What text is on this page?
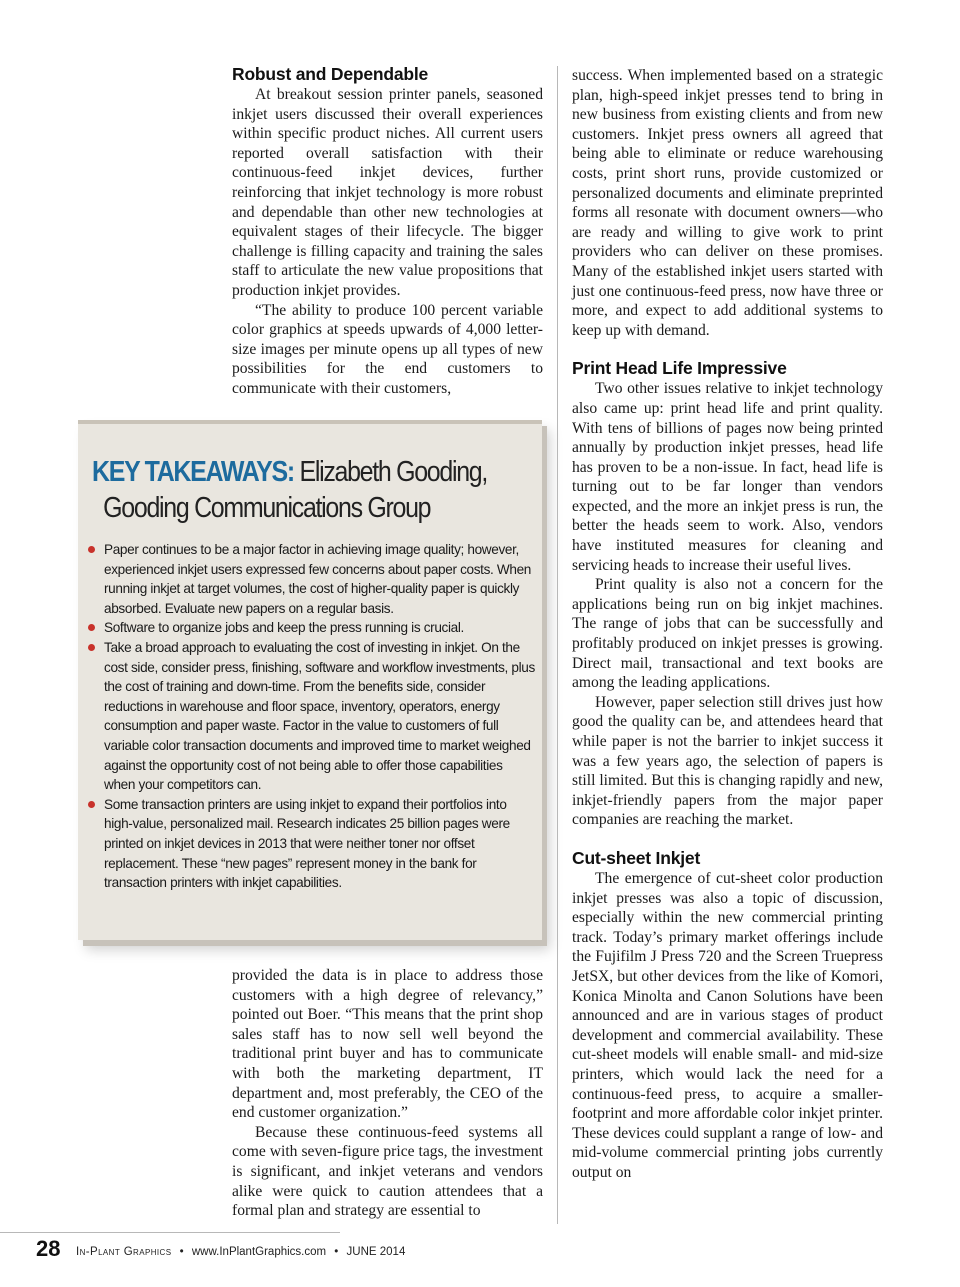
Robust and Dependable

At breakout session printer panels, seasoned inkjet users discussed their overall experiences within specific product niches. All current users reported overall satisfaction with their continuous-feed inkjet devices, further reinforcing that inkjet technology is more robust and dependable than other new technologies at equivalent stages of their lifecycle. The bigger challenge is filling capacity and training the sales staff to articulate the new value propositions that production inkjet provides.

“The ability to produce 100 percent variable color graphics at speeds upwards of 4,000 letter-size images per minute opens up all types of new possibilities for the end customers to communicate with their customers,

KEY TAKEAWAYS: Elizabeth Gooding,
Gooding Communications Group
Paper continues to be a major factor in achieving image quality; however, experienced inkjet users expressed few concerns about paper costs. When running inkjet at target volumes, the cost of higher-quality paper is quickly absorbed. Evaluate new papers on a regular basis.
Software to organize jobs and keep the press running is crucial.
Take a broad approach to evaluating the cost of investing in inkjet. On the cost side, consider press, finishing, software and workflow investments, plus the cost of training and down-time. From the benefits side, consider reductions in warehouse and floor space, inventory, operators, energy consumption and paper waste. Factor in the value to customers of full variable color transaction documents and improved time to market weighed against the opportunity cost of not being able to offer those capabilities when your competitors can.
Some transaction printers are using inkjet to expand their portfolios into high-value, personalized mail. Research indicates 25 billion pages were printed on inkjet devices in 2013 that were neither toner nor offset replacement. These “new pages” represent money in the bank for transaction printers with inkjet capabilities.

provided the data is in place to address those customers with a high degree of relevancy,” pointed out Boer. “This means that the print shop sales staff has to now sell well beyond the traditional print buyer and has to communicate with both the marketing department, IT department and, most preferably, the CEO of the end customer organization.”

Because these continuous-feed systems all come with seven-figure price tags, the investment is significant, and inkjet veterans and vendors alike were quick to caution attendees that a formal plan and strategy are essential to

success. When implemented based on a strategic plan, high-speed inkjet presses tend to bring in new business from existing clients and from new customers. Inkjet press owners all agreed that being able to eliminate or reduce warehousing costs, print short runs, provide customized or personalized documents and eliminate preprinted forms all resonate with document owners—who are ready and willing to give work to print providers who can deliver on these promises. Many of the established inkjet users started with just one continuous-feed press, now have three or more, and expect to add additional systems to keep up with demand.

Print Head Life Impressive

Two other issues relative to inkjet technology also came up: print head life and print quality. With tens of billions of pages now being printed annually by production inkjet presses, head life has proven to be a non-issue. In fact, head life is turning out to be far longer than vendors expected, and the more an inkjet press is run, the better the heads seem to work. Also, vendors have instituted measures for cleaning and servicing heads to increase their useful lives.

Print quality is also not a concern for the applications being run on big inkjet machines. The range of jobs that can be successfully and profitably produced on inkjet presses is growing. Direct mail, transactional and text books are among the leading applications.

However, paper selection still drives just how good the quality can be, and attendees heard that while paper is not the barrier to inkjet success it was a few years ago, the selection of papers is still limited. But this is changing rapidly and new, inkjet-friendly papers from the major paper companies are reaching the market.

Cut-sheet Inkjet

The emergence of cut-sheet color production inkjet presses was also a topic of discussion, especially within the new commercial printing track. Today’s primary market offerings include the Fujifilm J Press 720 and the Screen Truepress JetSX, but other devices from the like of Komori, Konica Minolta and Canon Solutions have been announced and are in various stages of product development and commercial availability. These cut-sheet models will enable small- and mid-size printers, which would lack the need for a continuous-feed press, to acquire a smaller-footprint and more affordable color inkjet printer. These devices could supplant a range of low- and mid-volume commercial printing jobs currently output on

28 In-Plant Graphics • www.InPlantGraphics.com • JUNE 2014
